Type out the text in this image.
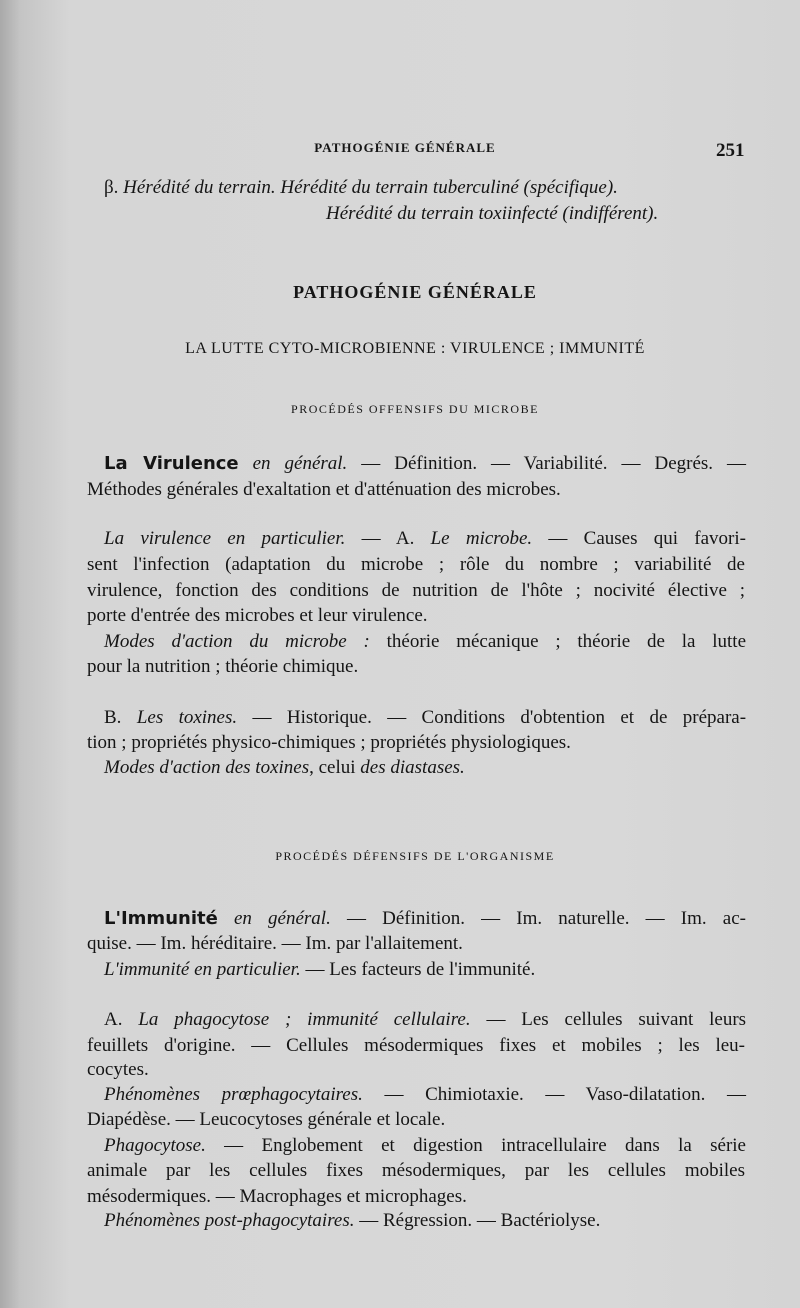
PATHOGÉNIE GÉNÉRALE	251
β. Hérédité du terrain. Hérédité du terrain tuberculiné (spécifique).
Hérédité du terrain toxiinfecté (indifférent).
PATHOGÉNIE GÉNÉRALE
LA LUTTE CYTO-MICROBIENNE : VIRULENCE ; IMMUNITÉ
PROCÉDÉS OFFENSIFS DU MICROBE
La Virulence en général. — Définition. — Variabilité. — Degrés. —
Méthodes générales d'exaltation et d'atténuation des microbes.
La virulence en particulier. — A. Le microbe. — Causes qui favori-
sent l'infection (adaptation du microbe ; rôle du nombre ; variabilité de
virulence, fonction des conditions de nutrition de l'hôte ; nocivité élective ;
porte d'entrée des microbes et leur virulence.
Modes d'action du microbe : théorie mécanique ; théorie de la lutte
pour la nutrition ; théorie chimique.
B. Les toxines. — Historique. — Conditions d'obtention et de prépara-
tion ; propriétés physico-chimiques ; propriétés physiologiques.
Modes d'action des toxines, celui des diastases.
PROCÉDÉS DÉFENSIFS DE L'ORGANISME
L'Immunité en général. — Définition. — Im. naturelle. — Im. ac-
quise. — Im. héréditaire. — Im. par l'allaitement.
L'immunité en particulier. — Les facteurs de l'immunité.
A. La phagocytose ; immunité cellulaire. — Les cellules suivant leurs
feuillets d'origine. — Cellules mésodermiques fixes et mobiles ; les leu-
cocytes.
Phénomènes prœphagocytaires. — Chimiotaxie. — Vaso-dilatation. —
Diapédèse. — Leucocytoses générale et locale.
Phagocytose. — Englobement et digestion intracellulaire dans la série
animale par les cellules fixes mésodermiques, par les cellules mobiles
mésodermiques. — Macrophages et microphages.
Phénomènes post-phagocytaires. — Régression. — Bactériolyse.
